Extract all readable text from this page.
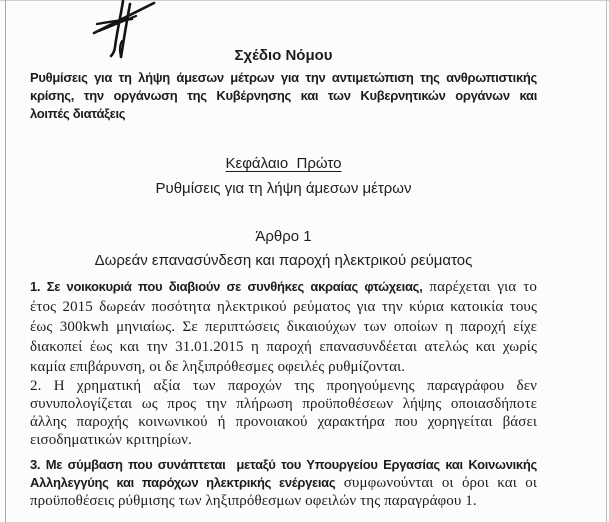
Σχέδιο Νόμου
Ρυθμίσεις για τη λήψη άμεσων μέτρων για την αντιμετώπιση της ανθρωπιστικής
κρίσης, την οργάνωση της Κυβέρνησης και των Κυβερνητικών οργάνων και
λοιπές διατάξεις
Κεφάλαιο  Πρώτο
Ρυθμίσεις για τη λήψη άμεσων μέτρων
Άρθρο 1
Δωρεάν επανασύνδεση και παροχή ηλεκτρικού ρεύματος
1. Σε νοικοκυριά που διαβιούν σε συνθήκες ακραίας φτώχειας, παρέχεται για το
έτος 2015 δωρεάν ποσότητα ηλεκτρικού ρεύματος για την κύρια κατοικία τους
έως 300kwh μηνιαίως. Σε περιπτώσεις δικαιούχων των οποίων η παροχή είχε
διακοπεί έως και την 31.01.2015 η παροχή επανασυνδέεται ατελώς και χωρίς
καμία επιβάρυνση, οι δε ληξιπρόθεσμες οφειλές ρυθμίζονται.
2. Η χρηματική αξία των παροχών της προηγούμενης παραγράφου δεν
συνυπολογίζεται ως προς την πλήρωση προϋποθέσεων λήψης οποιασδήποτε
άλλης παροχής κοινωνικού ή προνοιακού χαρακτήρα που χορηγείται βάσει
εισοδηματικών κριτηρίων.
3. Με σύμβαση που συνάπτεται  μεταξύ του Υπουργείου Εργασίας και Κοινωνικής
Αλληλεγγύης και παρόχων ηλεκτρικής ενέργειας συμφωνούνται οι όροι και οι
προϋποθέσεις ρύθμισης των ληξιπρόθεσμων οφειλών της παραγράφου 1.
